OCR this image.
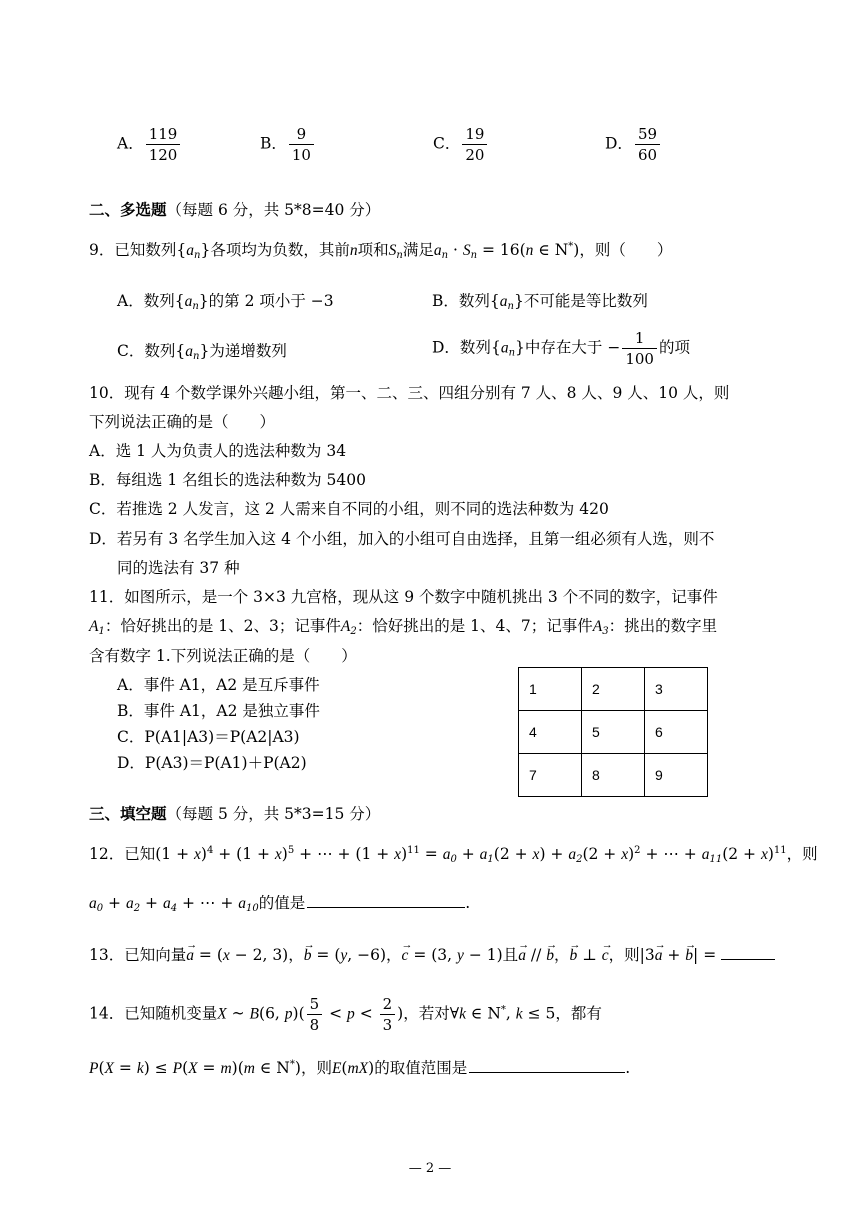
A． $\frac{119}{120}$	B． $\frac{9}{10}$	C． $\frac{19}{20}$	D． $\frac{59}{60}$
二、多选题（每题 6 分，共 5*8=40 分）
9．已知数列$\{a_n\}$各项均为负数，其前n项和$S_n$满足$a_n \cdot S_n = 16(n$ ∈ N*)，则（　　）
A．数列$\{a_n\}$的第 2 项小于 −3	B．数列$\{a_n\}$不可能是等比数列
C．数列$\{a_n\}$为递增数列	D．数列$\{a_n\}$中存在大于 − $\frac{1}{100}$ 的项
10．现有 4 个数学课外兴趣小组，第一、二、三、四组分别有 7 人、8 人、9 人、10 人，则
下列说法正确的是（　　）
A．选 1 人为负责人的选法种数为 34
B．每组选 1 名组长的选法种数为 5400
C．若推选 2 人发言，这 2 人需来自不同的小组，则不同的选法种数为 420
D．若另有 3 名学生加入这 4 个小组，加入的小组可自由选择，且第一组必须有人选，则不
同的选法有 37 种
11．如图所示，是一个 3×3 九宫格，现从这 9 个数字中随机挑出 3 个不同的数字，记事件
$A_1$：恰好挑出的是 1、2、3；记事件$A_2$：恰好挑出的是 1、4、7；记事件$A_3$：挑出的数字里
含有数字 1.下列说法正确的是（　　）
A．事件 A1，A2 是互斥事件
B．事件 A1，A2 是独立事件
C．P(A1|A3)＝P(A2|A3)
D．P(A3)＝P(A1)＋P(A2)
1	2	3
4	5	6
7	8	9
三、填空题（每题 5 分，共 5*3=15 分）
12．已知$(1 + x)^4 + (1 + x)^5$ + ⋯ + $(1 + x)^{11} = a_0 + a_1(2 + x) + a_2(2 + x)^2$ + ⋯ + $a_{11}(2 + x)^{11}$，则
$a_0 + a_2 + a_4$ + ⋯ + $a_{10}$的值是	.
13．已知向量→ a = (x − 2, 3)，→ b = (y, −6)，→ c = (3, y − 1)且→ a // → b，→ b ⊥ → c，则|3→ a + → b| =
14．已知随机变量X ~ B(6, $p)( \frac{5}{8} < p < \frac{2}{3}$ )，若对∀k ∈ N*, k ≤ 5，都有
P(X = k) ≤ P(X = m)(m ∈ N*)，则E(mX)的取值范围是	.
— 2 —
